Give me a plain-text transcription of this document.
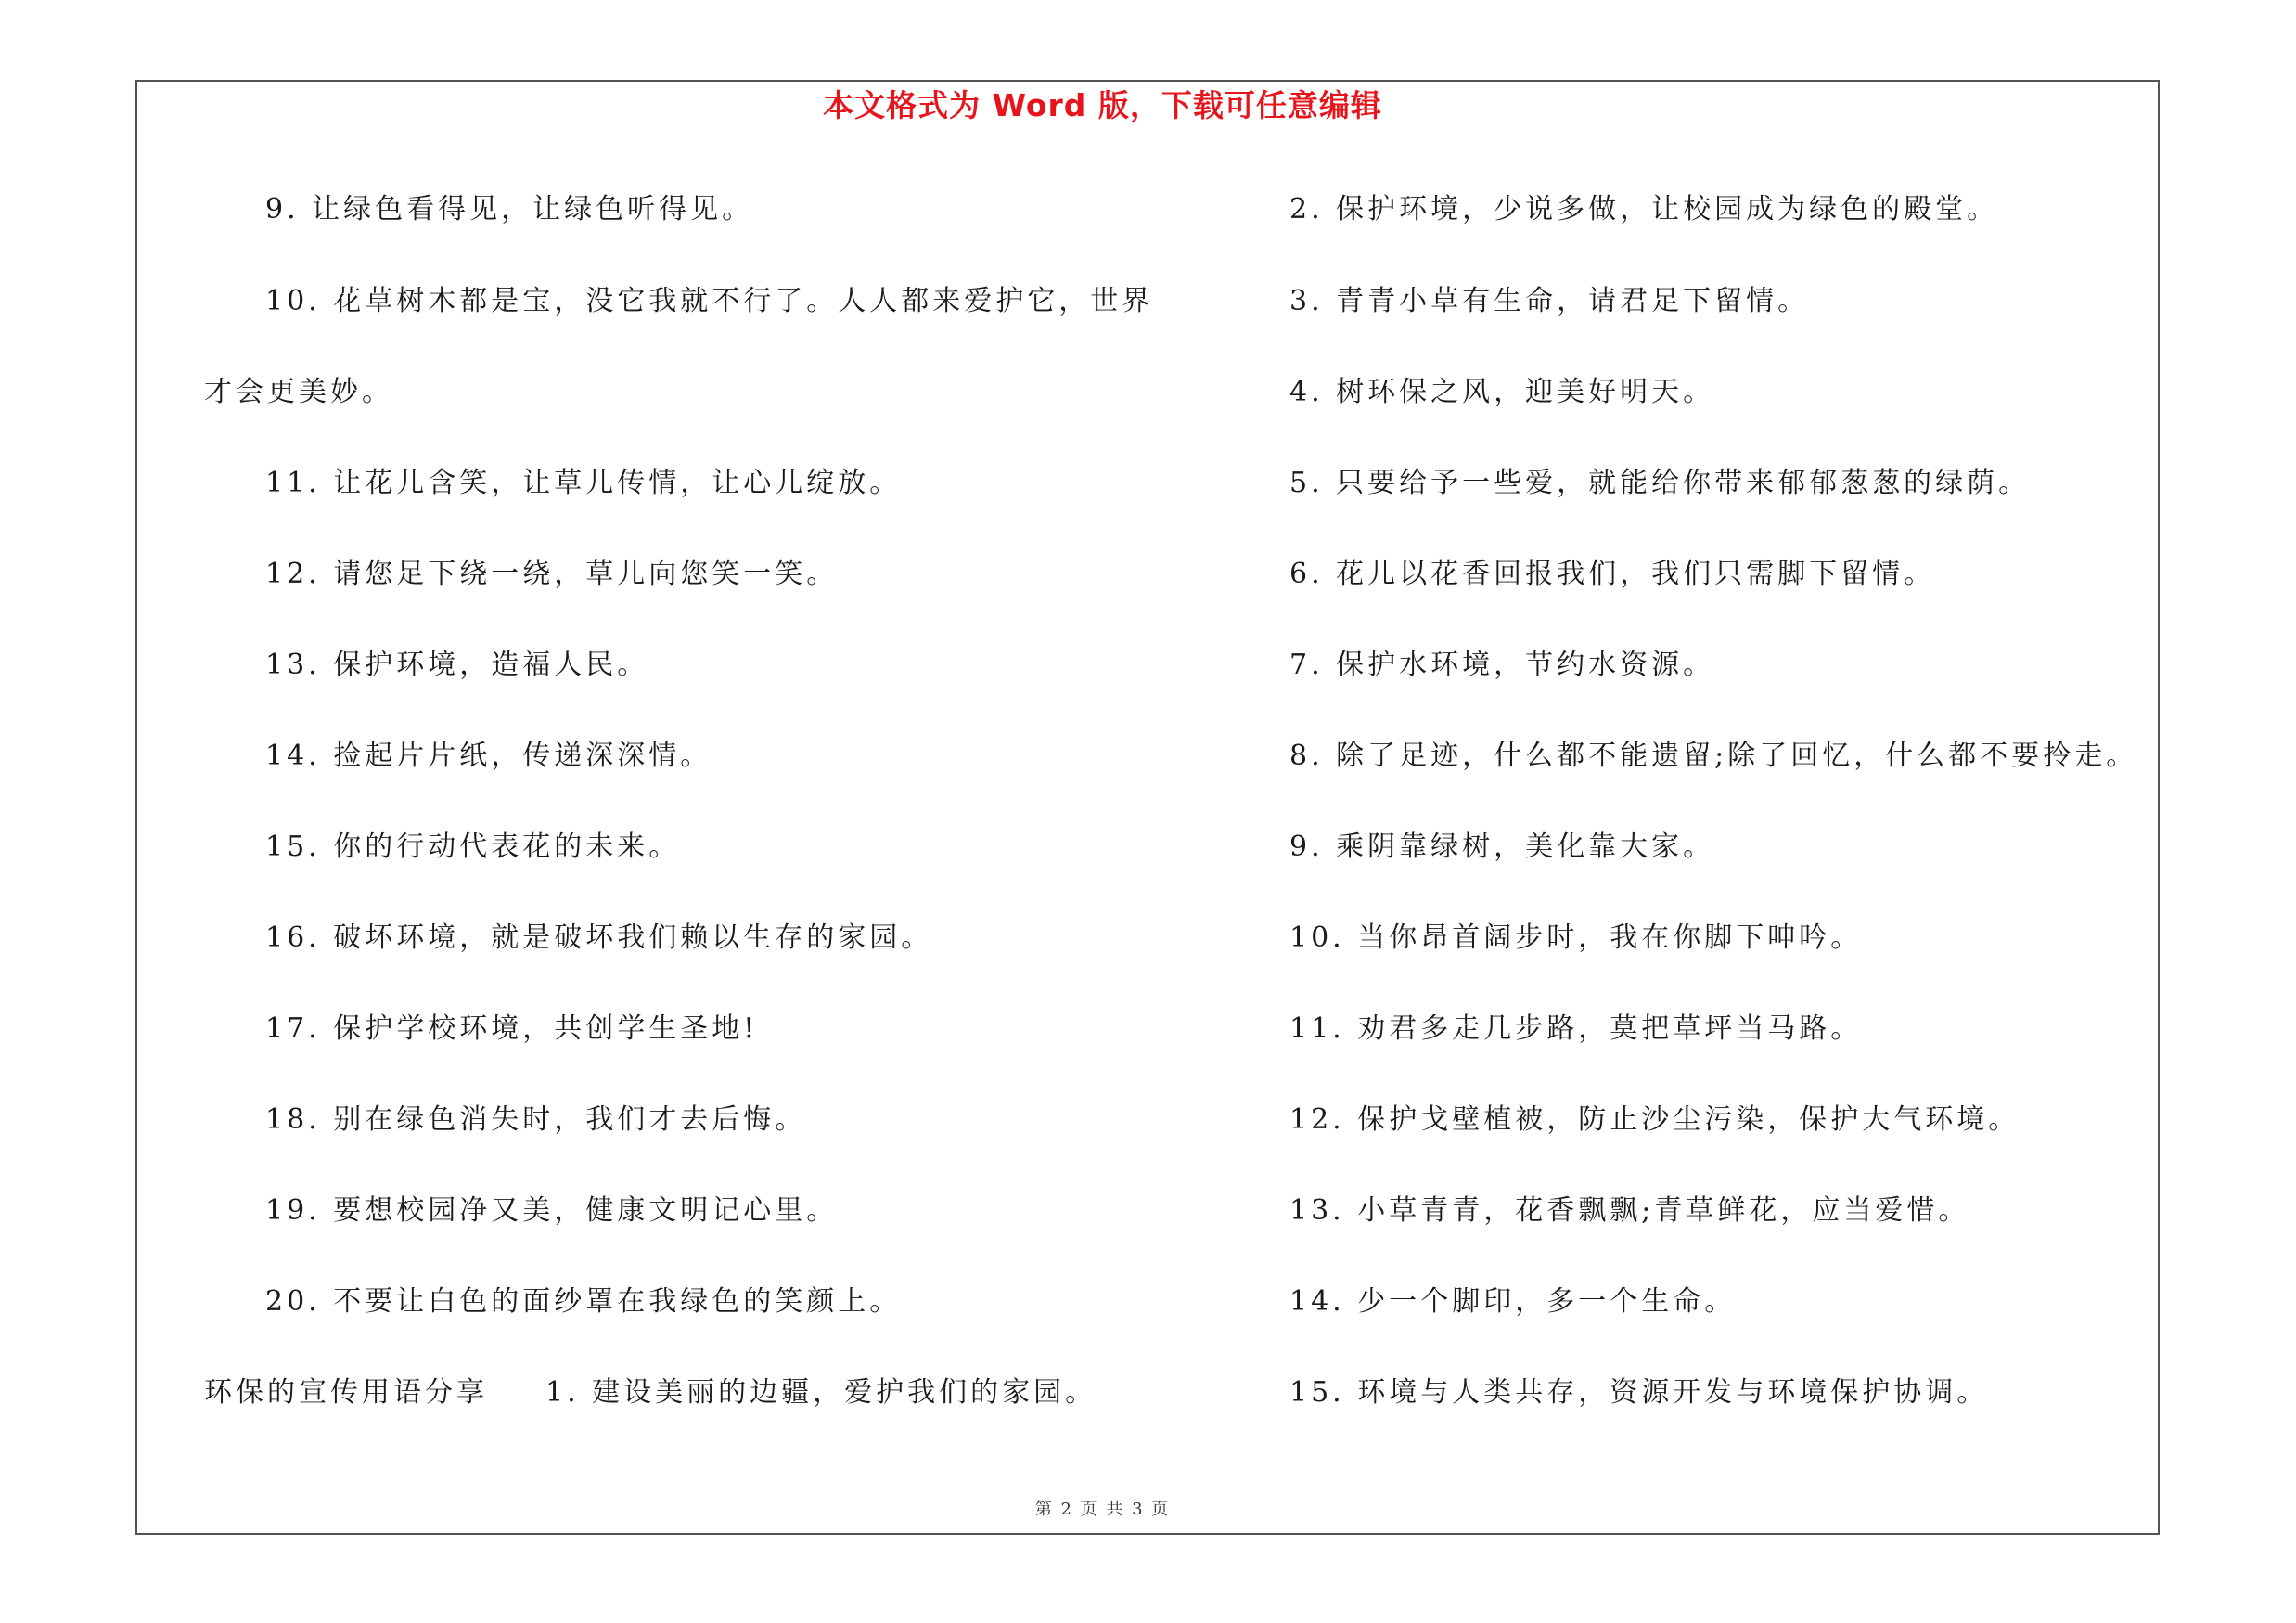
本文格式为 Word 版，下载可任意编辑
9. 让绿色看得见，让绿色听得见。
10. 花草树木都是宝，没它我就不行了。人人都来爱护它，世界
才会更美妙。
11. 让花儿含笑，让草儿传情，让心儿绽放。
12. 请您足下绕一绕，草儿向您笑一笑。
13. 保护环境，造福人民。
14. 捡起片片纸，传递深深情。
15. 你的行动代表花的未来。
16. 破坏环境，就是破坏我们赖以生存的家园。
17. 保护学校环境，共创学生圣地!
18. 别在绿色消失时，我们才去后悔。
19. 要想校园净又美，健康文明记心里。
20. 不要让白色的面纱罩在我绿色的笑颜上。
环保的宣传用语分享 1. 建设美丽的边疆，爱护我们的家园。
2. 保护环境，少说多做，让校园成为绿色的殿堂。
3. 青青小草有生命，请君足下留情。
4. 树环保之风，迎美好明天。
5. 只要给予一些爱，就能给你带来郁郁葱葱的绿荫。
6. 花儿以花香回报我们，我们只需脚下留情。
7. 保护水环境，节约水资源。
8. 除了足迹，什么都不能遗留;除了回忆，什么都不要拎走。
9. 乘阴靠绿树，美化靠大家。
10. 当你昂首阔步时，我在你脚下呻吟。
11. 劝君多走几步路，莫把草坪当马路。
12. 保护戈壁植被，防止沙尘污染，保护大气环境。
13. 小草青青，花香飘飘;青草鲜花，应当爱惜。
14. 少一个脚印，多一个生命。
15. 环境与人类共存，资源开发与环境保护协调。
第 2 页 共 3 页
